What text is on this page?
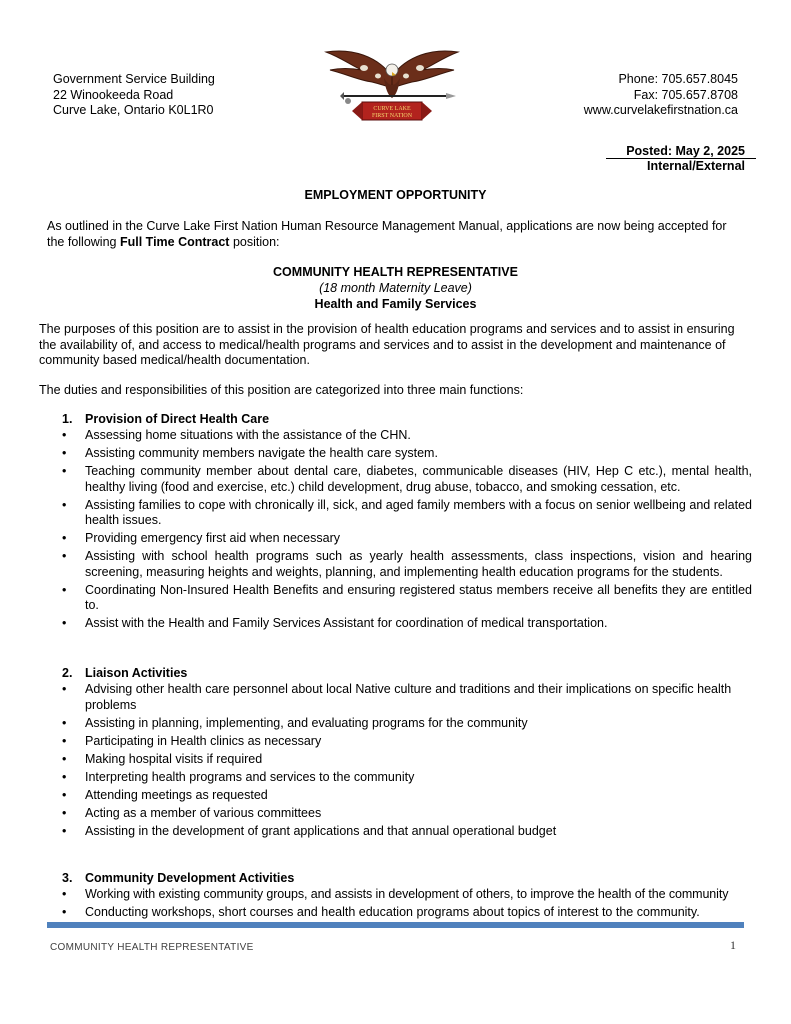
Government Service Building
22 Winookeeda Road
Curve Lake, Ontario K0L1R0	CURVE LAKE
FIRST NATION
Phone: 705.657.8045
Fax: 705.657.8708
www.curvelakefirstnation.ca
Posted: May 2, 2025
Internal/External
EMPLOYMENT OPPORTUNITY
As outlined in the Curve Lake First Nation Human Resource Management Manual, applications are now being accepted for the following Full Time Contract position:
COMMUNITY HEALTH REPRESENTATIVE
(18 month Maternity Leave)
Health and Family Services
The purposes of this position are to assist in the provision of health education programs and services and to assist in ensuring the availability of, and access to medical/health programs and services and to assist in the development and maintenance of community based medical/health documentation.
The duties and responsibilities of this position are categorized into three main functions:
1.	Provision of Direct Health Care
• Assessing home situations with the assistance of the CHN.
• Assisting community members navigate the health care system.
• Teaching community member about dental care, diabetes, communicable diseases (HIV, Hep C etc.), mental health, healthy living (food and exercise, etc.) child development, drug abuse, tobacco, and smoking cessation, etc.
• Assisting families to cope with chronically ill, sick, and aged family members with a focus on senior wellbeing and related health issues.
• Providing emergency first aid when necessary
• Assisting with school health programs such as yearly health assessments, class inspections, vision and hearing screening, measuring heights and weights, planning, and implementing health education programs for the students.
• Coordinating Non-Insured Health Benefits and ensuring registered status members receive all benefits they are entitled to.
• Assist with the Health and Family Services Assistant for coordination of medical transportation.
2.	Liaison Activities
• Advising other health care personnel about local Native culture and traditions and their implications on specific health problems
• Assisting in planning, implementing, and evaluating programs for the community
• Participating in Health clinics as necessary
• Making hospital visits if required
• Interpreting health programs and services to the community
• Attending meetings as requested
• Acting as a member of various committees
• Assisting in the development of grant applications and that annual operational budget
3.	Community Development Activities
• Working with existing community groups, and assists in development of others, to improve the health of the community
• Conducting workshops, short courses and health education programs about topics of interest to the community.
COMMUNITY HEALTH REPRESENTATIVE	1
